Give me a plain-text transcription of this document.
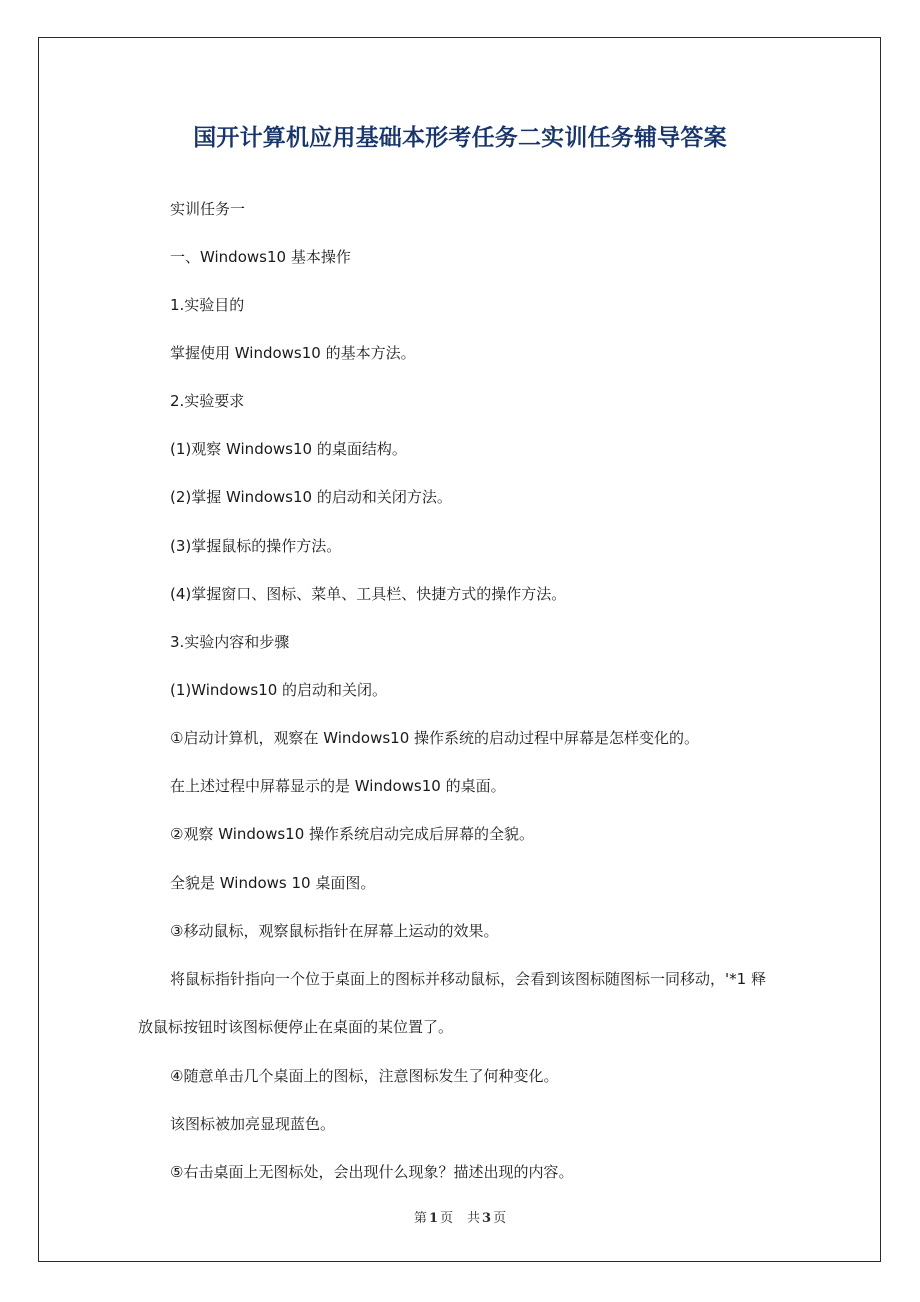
国开计算机应用基础本形考任务二实训任务辅导答案
实训任务一
一、Windows10 基本操作
1.实验目的
掌握使用 Windows10 的基本方法。
2.实验要求
(1)观察 Windows10 的桌面结构。
(2)掌握 Windows10 的启动和关闭方法。
(3)掌握鼠标的操作方法。
(4)掌握窗口、图标、菜单、工具栏、快捷方式的操作方法。
3.实验内容和步骤
(1)Windows10 的启动和关闭。
①启动计算机，观察在 Windows10 操作系统的启动过程中屏幕是怎样变化的。
在上述过程中屏幕显示的是 Windows10 的桌面。
②观察 Windows10 操作系统启动完成后屏幕的全貌。
全貌是 Windows 10 桌面图。
③移动鼠标，观察鼠标指针在屏幕上运动的效果。
将鼠标指针指向一个位于桌面上的图标并移动鼠标，会看到该图标随图标一同移动，'*1 释
放鼠标按钮时该图标便停止在桌面的某位置了。
④随意单击几个桌面上的图标，注意图标发生了何种变化。
该图标被加亮显现蓝色。
⑤右击桌面上无图标处，会出现什么现象？描述出现的内容。
第 1 页 共 3 页
